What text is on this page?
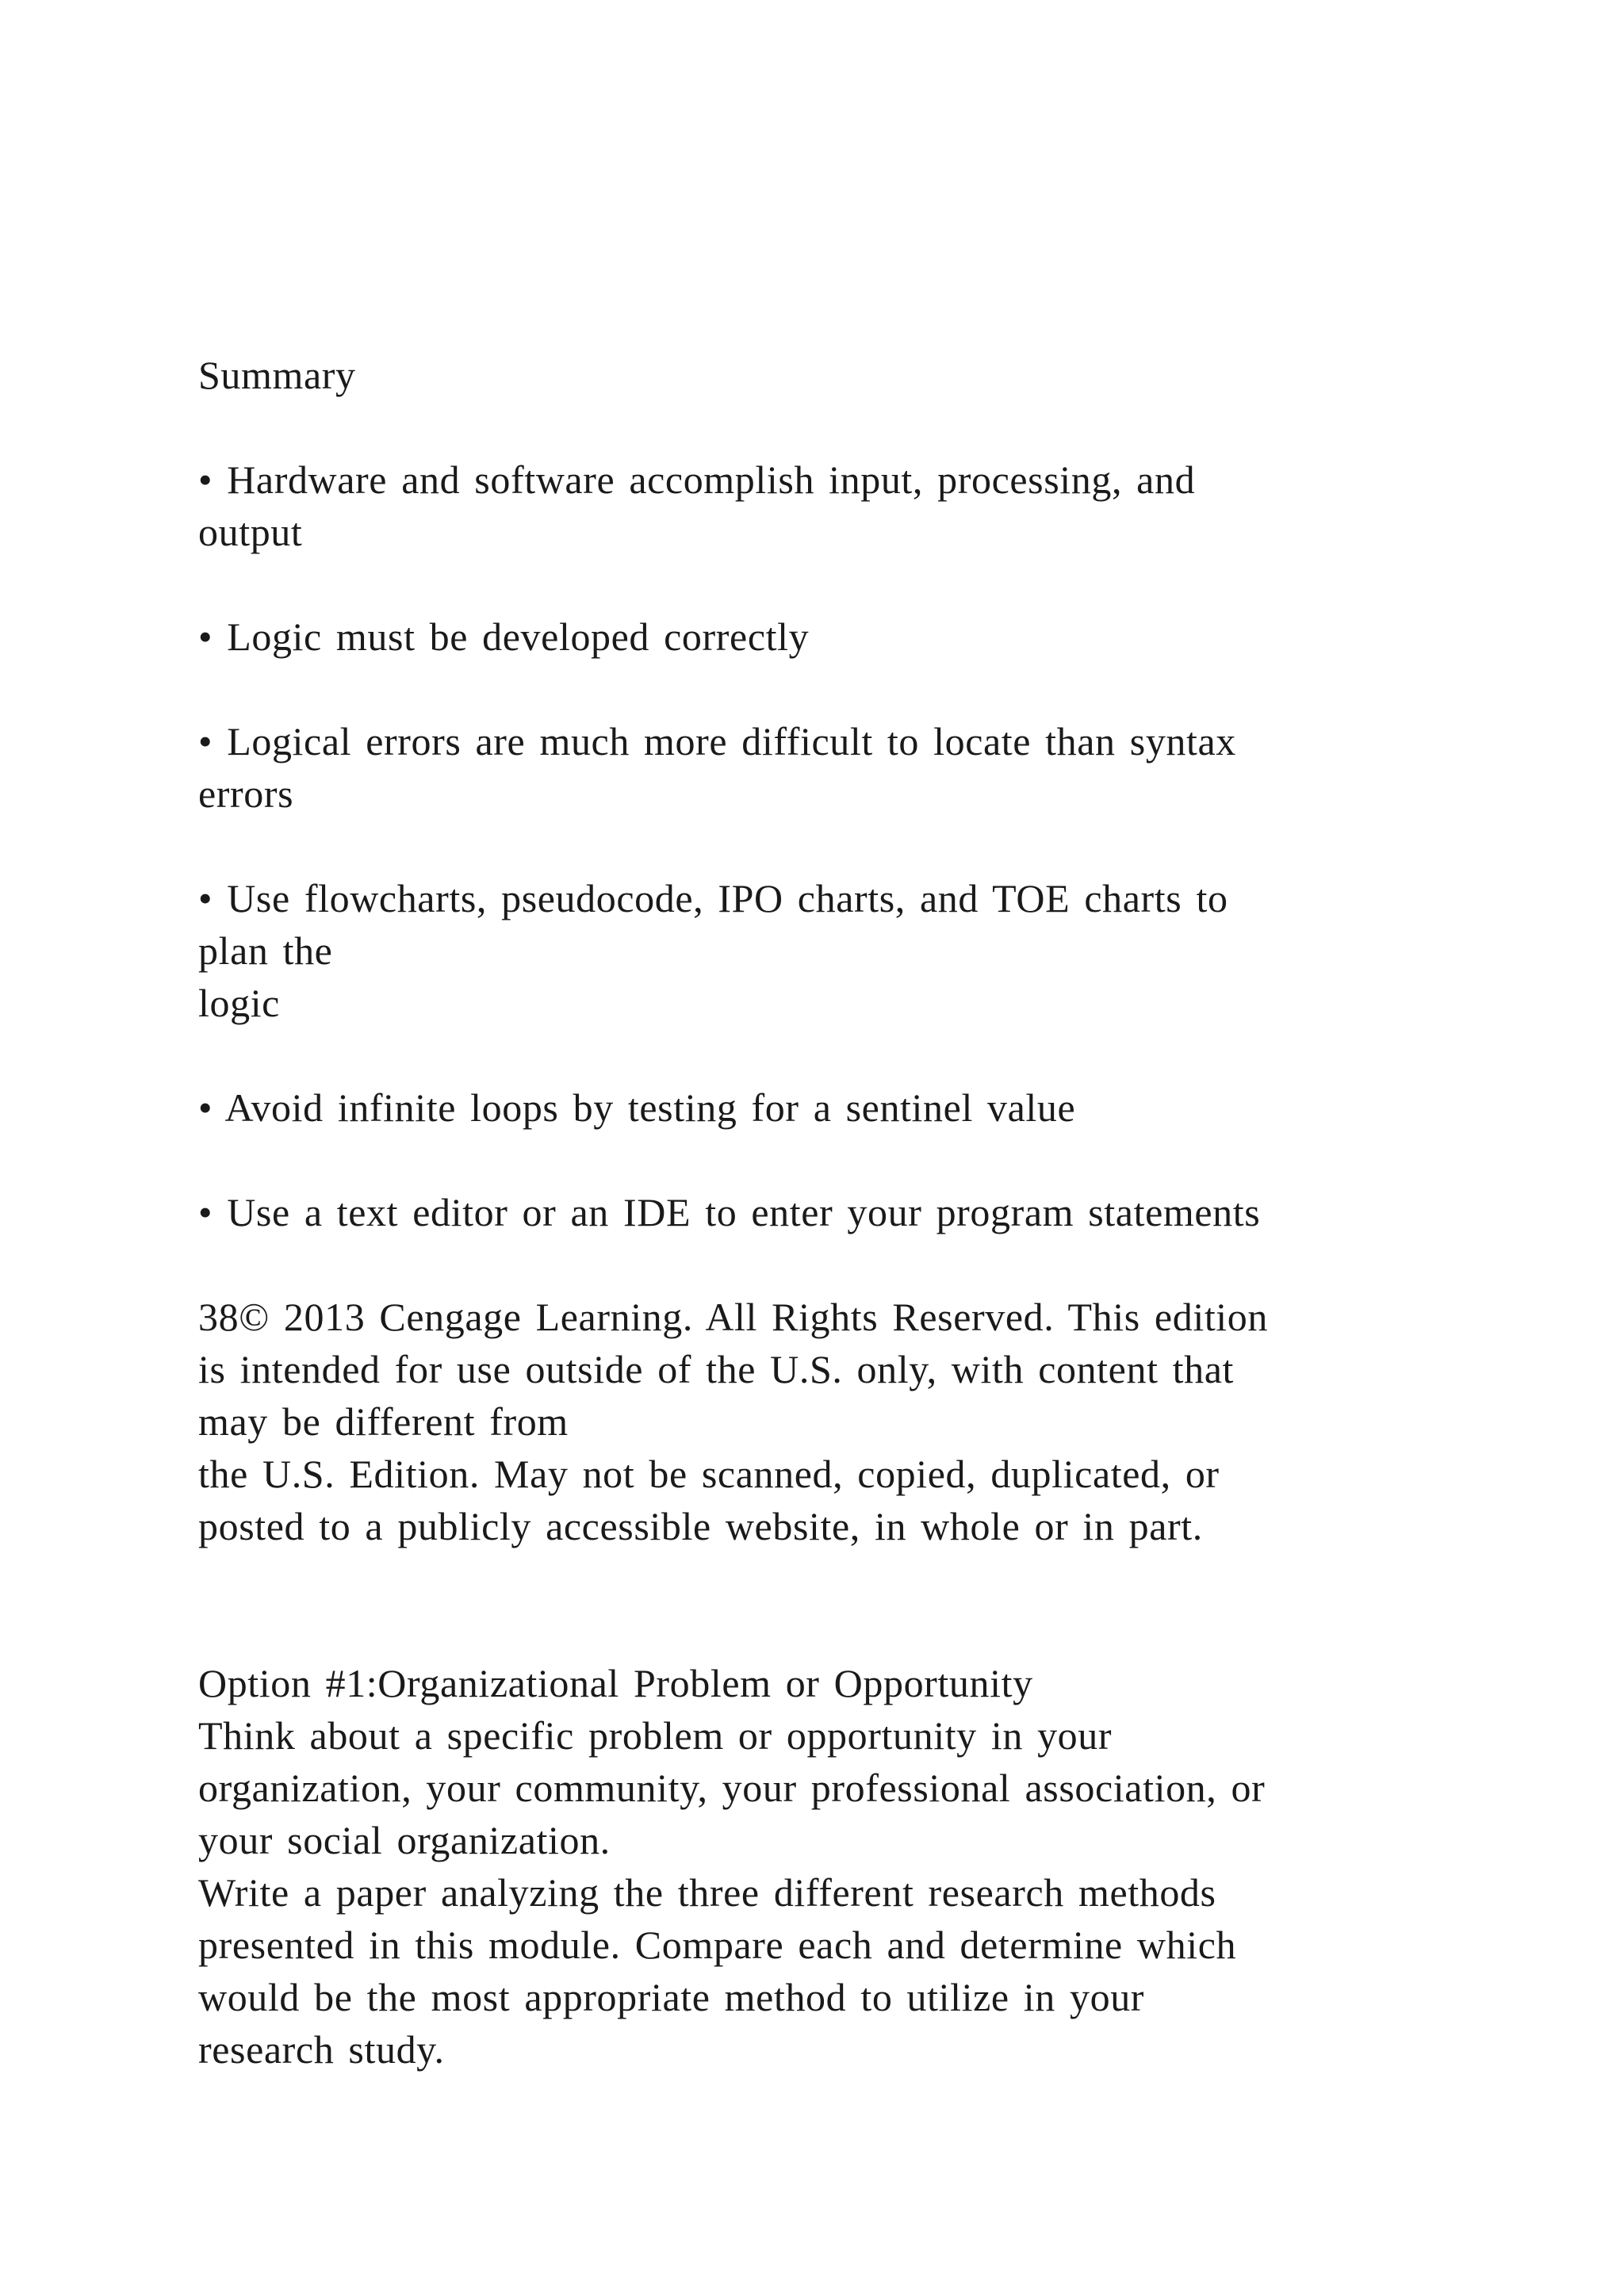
Summary
• Hardware and software accomplish input, processing, and
output
• Logic must be developed correctly
• Logical errors are much more difficult to locate than syntax
errors
• Use flowcharts, pseudocode, IPO charts, and TOE charts to
plan the
logic
• Avoid infinite loops by testing for a sentinel value
• Use a text editor or an IDE to enter your program statements
38© 2013 Cengage Learning. All Rights Reserved. This edition
is intended for use outside of the U.S. only, with content that
may be different from
the U.S. Edition. May not be scanned, copied, duplicated, or
posted to a publicly accessible website, in whole or in part.
Option #1:Organizational Problem or Opportunity
Think about a specific problem or opportunity in your
organization, your community, your professional association, or
your social organization.
Write a paper analyzing the three different research methods
presented in this module. Compare each and determine which
would be the most appropriate method to utilize in your
research study.
